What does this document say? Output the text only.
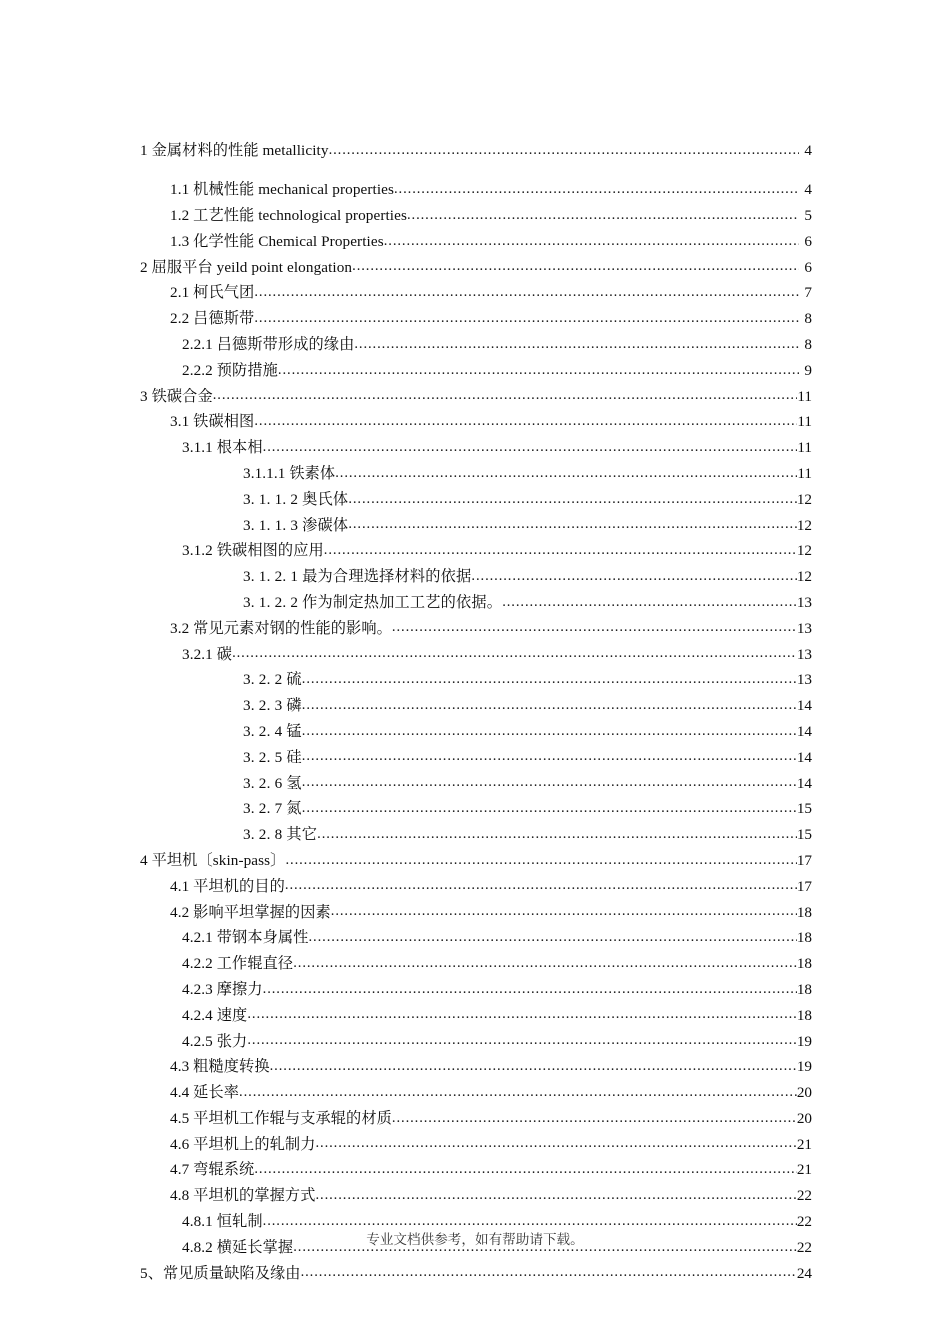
1 金属材料的性能 metallicity .....	4
1.1 机械性能 mechanical properties .....	4
1.2 工艺性能 technological properties .....	5
1.3 化学性能 Chemical Properties .....	6
2 屈服平台 yeild point elongation .....	6
2.1 柯氏气团 .....	7
2.2 吕德斯带 .....	8
2.2.1 吕德斯带形成的缘由 .....	8
2.2.2 预防措施 .....	9
3 铁碳合金 .....	11
3.1 铁碳相图 .....	11
3.1.1 根本相 .....	11
3.1.1.1 铁素体 .....	11
3. 1. 1. 2 奥氏体 .....	12
3. 1. 1. 3 渗碳体 .....	12
3.1.2 铁碳相图的应用 .....	12
3. 1. 2. 1 最为合理选择材料的依据 .....	12
3. 1. 2. 2 作为制定热加工工艺的依据。 .....	13
3.2 常见元素对钢的性能的影响。 .....	13
3.2.1 碳 .....	13
3. 2. 2 硫 .....	13
3. 2. 3 磷 .....	14
3. 2. 4 锰 .....	14
3. 2. 5 硅 .....	14
3. 2. 6 氢 .....	14
3. 2. 7 氮 .....	15
3. 2. 8 其它 .....	15
4 平坦机〔skin-pass〕 .....	17
4.1 平坦机的目的 .....	17
4.2 影响平坦掌握的因素 .....	18
4.2.1 带钢本身属性 .....	18
4.2.2 工作辊直径 .....	18
4.2.3 摩擦力 .....	18
4.2.4 速度 .....	18
4.2.5 张力 .....	19
4.3 粗糙度转换 .....	19
4.4 延长率 .....	20
4.5 平坦机工作辊与支承辊的材质 .....	20
4.6 平坦机上的轧制力 .....	21
4.7 弯辊系统 .....	21
4.8 平坦机的掌握方式 .....	22
4.8.1 恒轧制 .....	22
4.8.2 横延长掌握 .....	22
5、常见质量缺陷及缘由 .....	24
专业文档供参考，如有帮助请下载。
